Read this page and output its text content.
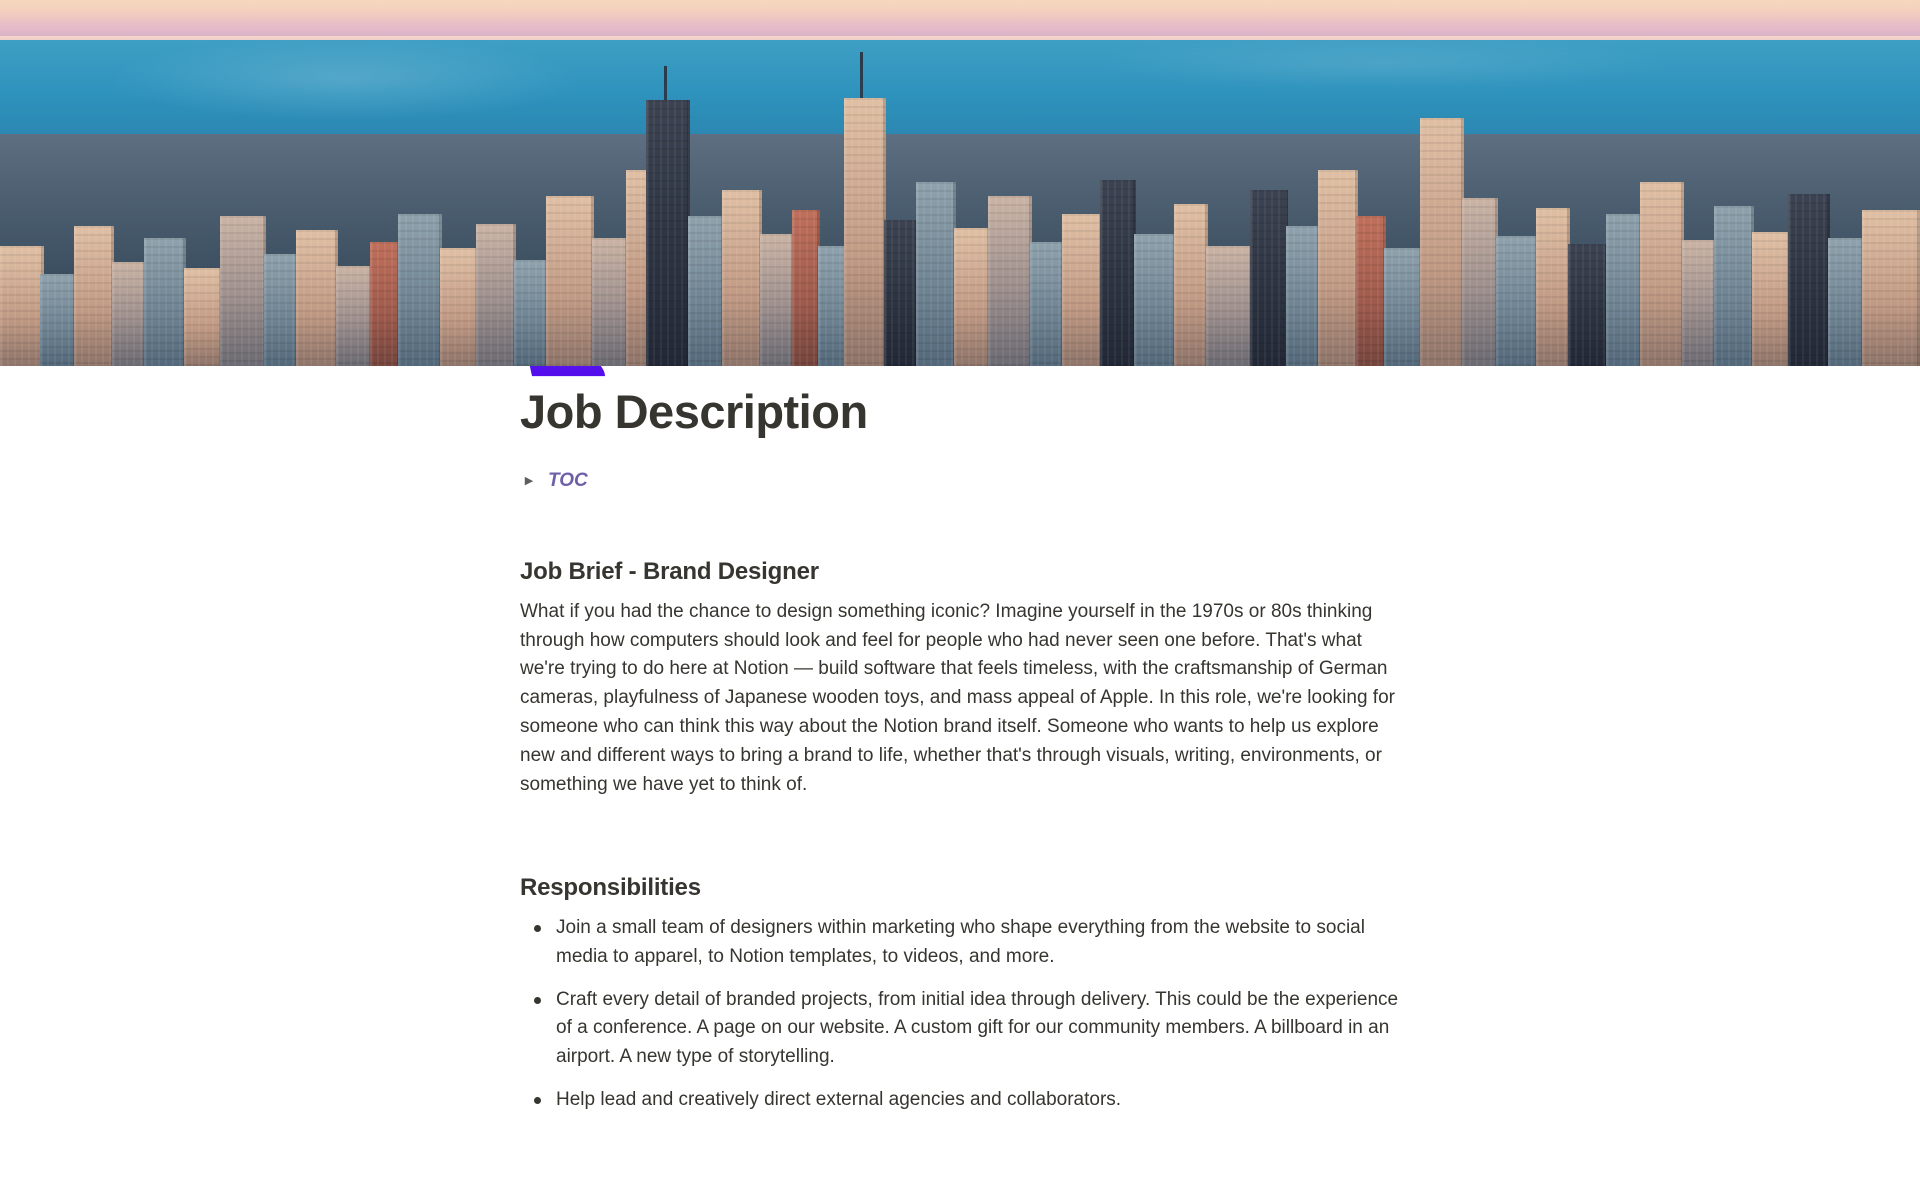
Job Description
▶ TOC
Job Brief - Brand Designer

What if you had the chance to design something iconic? Imagine yourself in the 1970s or 80s thinking through how computers should look and feel for people who had never seen one before. That's what we're trying to do here at Notion — build software that feels timeless, with the craftsmanship of German cameras, playfulness of Japanese wooden toys, and mass appeal of Apple. In this role, we're looking for someone who can think this way about the Notion brand itself. Someone who wants to help us explore new and different ways to bring a brand to life, whether that's through visuals, writing, environments, or something we have yet to think of.

Responsibilities
Join a small team of designers within marketing who shape everything from the website to social media to apparel, to Notion templates, to videos, and more.
Craft every detail of branded projects, from initial idea through delivery. This could be the experience of a conference. A page on our website. A custom gift for our community members. A billboard in an airport. A new type of storytelling.
Help lead and creatively direct external agencies and collaborators.
